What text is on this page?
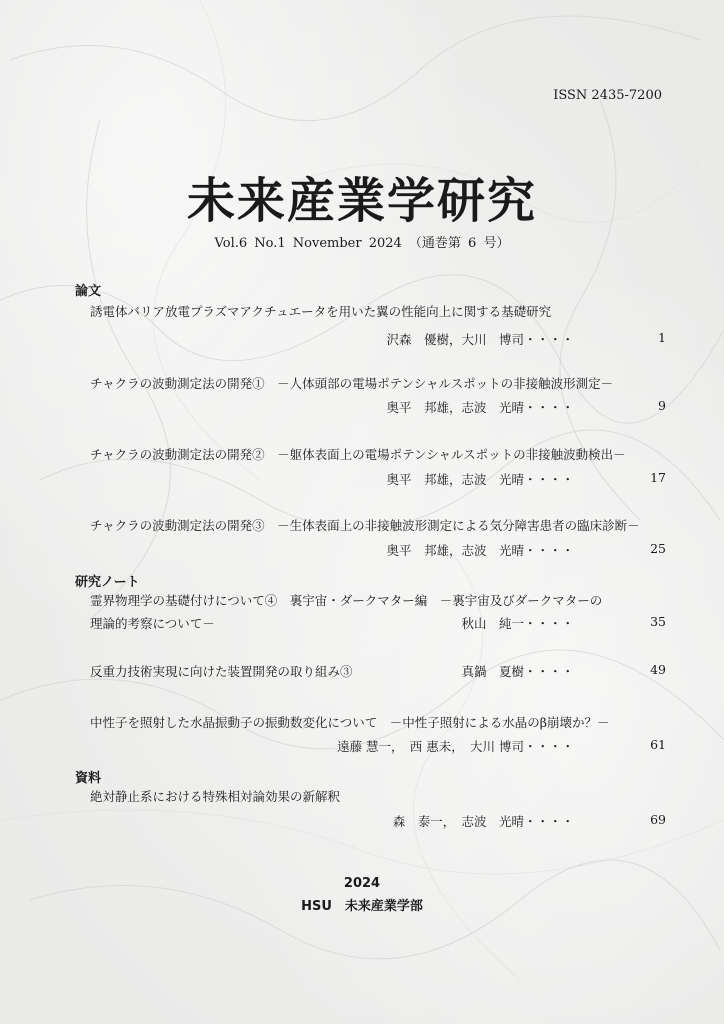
ISSN 2435-7200
未来産業学研究
Vol.6 No.1 November 2024 （通巻第 6 号）
論文
誘電体バリア放電プラズマアクチュエータを用いた翼の性能向上に関する基礎研究
沢森　優樹，大川　博司・・・・	1
チャクラの波動測定法の開発①　－人体頭部の電場ポテンシャルスポットの非接触波形測定－
奥平　邦雄，志波　光晴・・・・	9
チャクラの波動測定法の開発②　－躯体表面上の電場ポテンシャルスポットの非接触波動検出－
奥平　邦雄，志波　光晴・・・・	17
チャクラの波動測定法の開発③　－生体表面上の非接触波形測定による気分障害患者の臨床診断－
奥平　邦雄，志波　光晴・・・・	25
研究ノート
霊界物理学の基礎付けについて④　裏宇宙・ダークマター編　－裏宇宙及びダークマターの
理論的考察について－	秋山　純一・・・・	35
反重力技術実現に向けた装置開発の取り組み③	真鍋　夏樹・・・・	49
中性子を照射した水晶振動子の振動数変化について　－中性子照射による水晶のβ崩壊か？－
遠藤 慧一，　西 惠未，　大川 博司・・・・	61
資料
絶対静止系における特殊相対論効果の新解釈
森　泰一，　志波　光晴・・・・	69
2024
HSU　未来産業学部
